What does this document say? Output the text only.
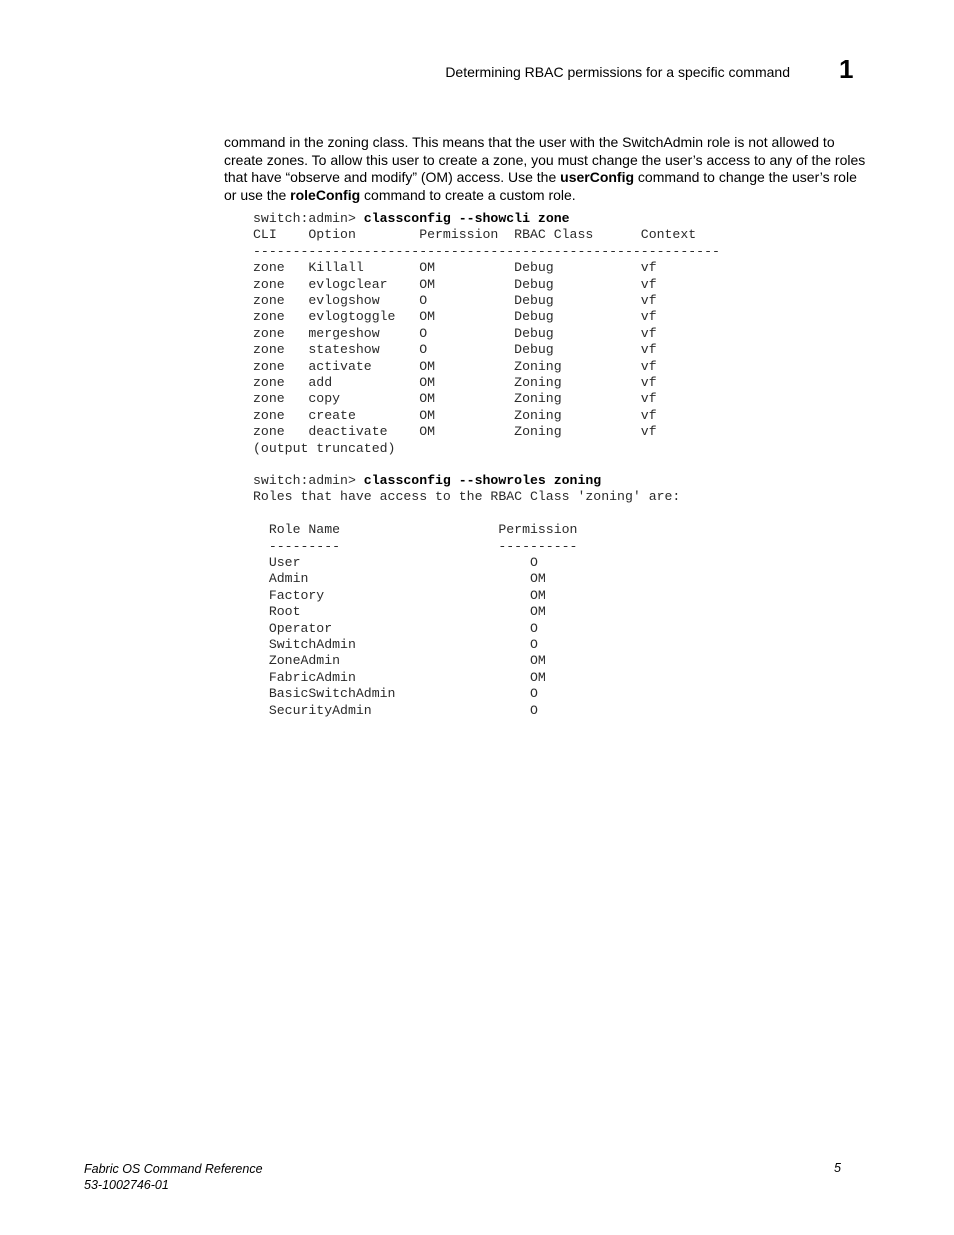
Determining RBAC permissions for a specific command 1

command in the zoning class. This means that the user with the SwitchAdmin role is not allowed to create zones. To allow this user to create a zone, you must change the user’s access to any of the roles that have “observe and modify” (OM) access. Use the userConfig command to change the user’s role or use the roleConfig command to create a custom role.

switch:admin> classconfig --showcli zone
CLI    Option        Permission  RBAC Class      Context
-----------------------------------------------------------
zone   Killall       OM          Debug           vf
zone   evlogclear    OM          Debug           vf
zone   evlogshow     O           Debug           vf
zone   evlogtoggle   OM          Debug           vf
zone   mergeshow     O           Debug           vf
zone   stateshow     O           Debug           vf
zone   activate      OM          Zoning          vf
zone   add           OM          Zoning          vf
zone   copy          OM          Zoning          vf
zone   create        OM          Zoning          vf
zone   deactivate    OM          Zoning          vf
(output truncated)
switch:admin> classconfig --showroles zoning
Roles that have access to the RBAC Class 'zoning' are:

Role Name                    Permission
---------                    ----------
User                             O
Admin                            OM
Factory                          OM
Root                             OM
Operator                         O
SwitchAdmin                      O
ZoneAdmin                        OM
FabricAdmin                      OM
BasicSwitchAdmin                 O
SecurityAdmin                    O
Fabric OS Command Reference
53-1002746-01
5
